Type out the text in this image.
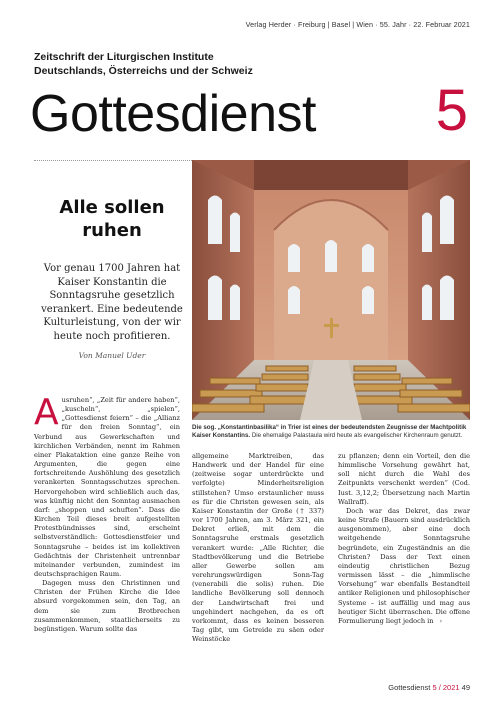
Verlag Herder · Freiburg | Basel | Wien · 55. Jahr · 22. Februar 2021
Zeitschrift der Liturgischen Institute
Deutschlands, Österreichs und der Schweiz
Gottesdienst 5
Alle sollen
ruhen
Vor genau 1700 Jahren hat Kaiser Konstantin die Sonntagsruhe gesetzlich verankert. Eine bedeutende Kulturleistung, von der wir heute noch profitieren.
Von Manuel Uder
Die sog. „Konstantinbasilika“ in Trier ist eines der bedeutendsten Zeugnisse der Machtpolitik Kaiser Konstantins. Die ehemalige Palastaula wird heute als evangelischer Kirchenraum genutzt.

Ausruhen“, „Zeit für andere haben“, „kuscheln“, „spielen“, „Gottesdienst feiern“ – die „Allianz für den freien Sonntag“, ein Verbund aus Gewerkschaften und kirchlichen Verbänden, nennt im Rahmen einer Plakataktion eine ganze Reihe von Argumenten, die gegen eine fortschreitende Aushöhlung des gesetzlich verankerten Sonntagsschutzes sprechen. Hervorgehoben wird schließlich auch das, was künftig nicht den Sonntag ausmachen darf: „shoppen und schuften“. Dass die Kirchen Teil dieses breit aufgestellten Protestbündnisses sind, erscheint selbstverständlich: Gottesdienstfeier und Sonntagsruhe – beides ist im kollektiven Gedächtnis der Christenheit untrennbar miteinander verbunden, zumindest im deutschsprachigen Raum.

Dagegen muss den Christinnen und Christen der Frühen Kirche die Idee absurd vorgekommen sein, den Tag, an dem sie zum Brotbrechen zusammenkommen, staatlicherseits zu begünstigen. Warum sollte das

allgemeine Marktreiben, das Handwerk und der Handel für eine (zeitweise sogar unterdrückte und verfolgte) Minderheitsreligion stillstehen? Umso erstaunlicher muss es für die Christen gewesen sein, als Kaiser Konstantin der Große († 337) vor 1700 Jahren, am 3. März 321, ein Dekret erließ, mit dem die Sonntagsruhe erstmals gesetzlich verankert wurde: „Alle Richter, die Stadtbevölkerung und die Betriebe aller Gewerbe sollen am verehrungswürdigen Sonn-Tag (venerabili die solis) ruhen. Die landliche Bevölkerung soll dennoch der Landwirtschaft frei und ungehindert nachgehen, da es oft vorkommt, dass es keinen besseren Tag gibt, um Getreide zu säen oder Weinstöcke

zu pflanzen; denn ein Vorteil, den die himmlische Vorsehung gewährt hat, soll nicht durch die Wahl des Zeitpunkts verschenkt werden“ (Cod. Iust. 3,12,2; Übersetzung nach Martin Wallraff).

Doch war das Dekret, das zwar keine Strafe (Bauern sind ausdrücklich ausgenommen), aber eine doch weitgehende Sonntagsruhe begründete, ein Zugeständnis an die Christen? Dass der Text einen eindeutig christlichen Bezug vermissen lässt – die „himmlische Vorsehung“ war ebenfalls Bestandteil antiker Religionen und philosophischer Systeme – ist auffällig und mag aus heutiger Sicht überraschen. Die offene Formulierung liegt jedoch in ›

Gottesdienst 5 / 2021 49
